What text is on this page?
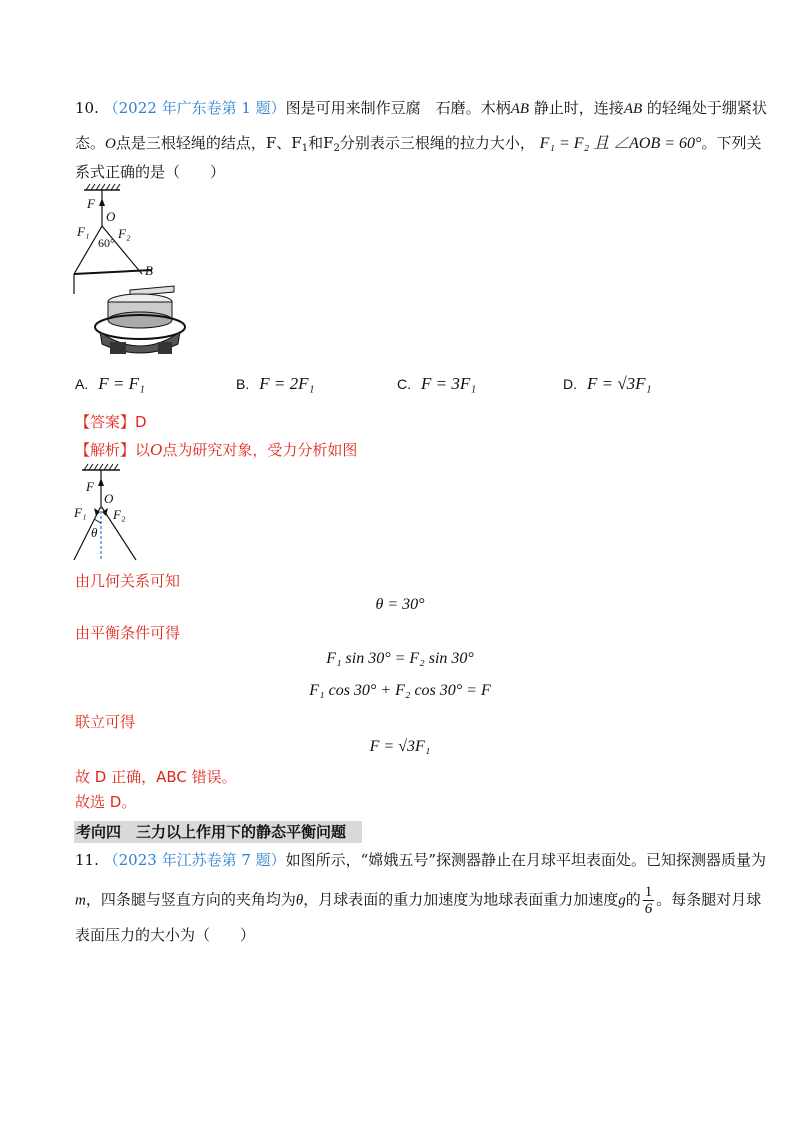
10. （2022 年广东卷第 1 题）图是可用来制作豆腐　石磨。木柄AB 静止时，连接AB 的轻绳处于绷紧状
态。O点是三根轻绳的结点，F、$F_1$和$F_2$分别表示三根绳的拉力大小， F₁ = F₂ 且 ∠AOB = 60°。下列关
系式正确的是（　　）
F
O
F₁ F₂
60°
B
A. F = F₁	B. F = 2F₁	C. F = 3F₁	D. F = √3F₁
【答案】D
【解析】以O点为研究对象，受力分析如图
F
O
F₁ F₂
θ
由几何关系可知
θ = 30°
由平衡条件可得
F₁ sin 30° = F₂ sin 30°
F₁ cos 30° + F₂ cos 30° = F
联立可得
F = √3F₁
故 D 正确，ABC 错误。
故选 D。
考向四　三力以上作用下的静态平衡问题
11. （2023 年江苏卷第 7 题）如图所示，“嫦娥五号”探测器静止在月球平坦表面处。已知探测器质量为
m，四条腿与竖直方向的夹角均为θ，月球表面的重力加速度为地球表面重力加速度g的 $\frac{1}{6}$ 。每条腿对月球
表面压力的大小为（　　）
